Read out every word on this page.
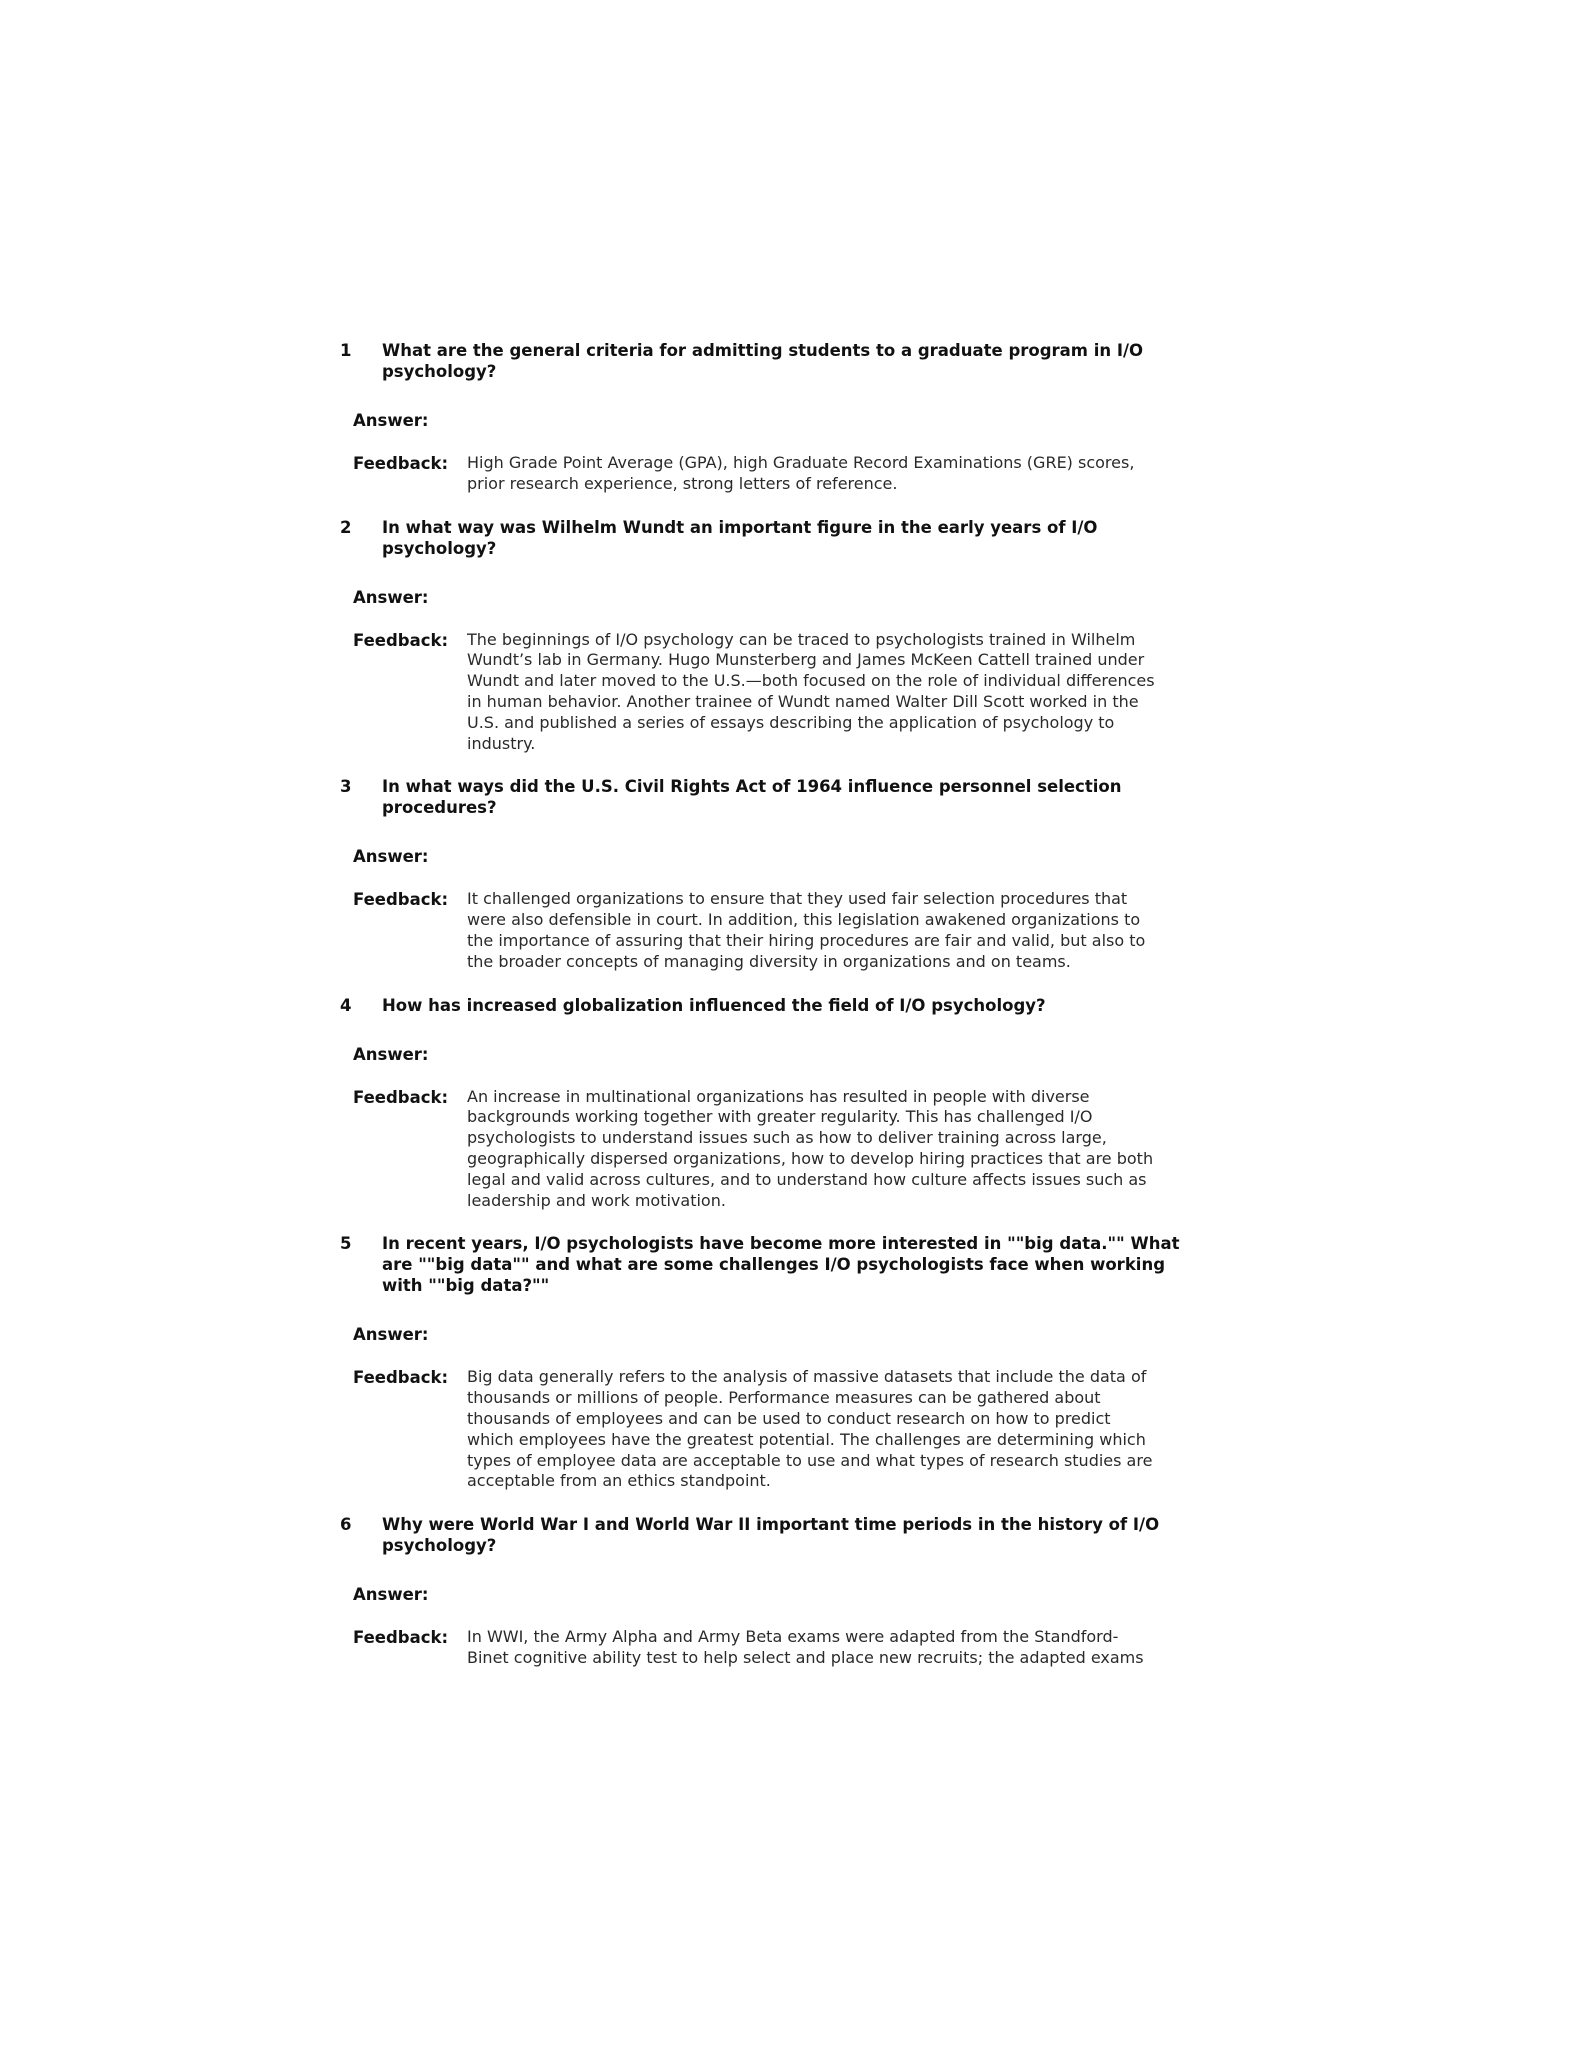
1	What are the general criteria for admitting students to a graduate program in I/O
psychology?
Answer:
Feedback:	High Grade Point Average (GPA), high Graduate Record Examinations (GRE) scores,
prior research experience, strong letters of reference.
2	In what way was Wilhelm Wundt an important figure in the early years of I/O
psychology?
Answer:
Feedback:	The beginnings of I/O psychology can be traced to psychologists trained in Wilhelm
Wundt’s lab in Germany. Hugo Munsterberg and James McKeen Cattell trained under
Wundt and later moved to the U.S.—both focused on the role of individual differences
in human behavior. Another trainee of Wundt named Walter Dill Scott worked in the
U.S. and published a series of essays describing the application of psychology to
industry.
3	In what ways did the U.S. Civil Rights Act of 1964 influence personnel selection
procedures?
Answer:
Feedback:	It challenged organizations to ensure that they used fair selection procedures that
were also defensible in court. In addition, this legislation awakened organizations to
the importance of assuring that their hiring procedures are fair and valid, but also to
the broader concepts of managing diversity in organizations and on teams.
4	How has increased globalization influenced the field of I/O psychology?
Answer:
Feedback:	An increase in multinational organizations has resulted in people with diverse
backgrounds working together with greater regularity. This has challenged I/O
psychologists to understand issues such as how to deliver training across large,
geographically dispersed organizations, how to develop hiring practices that are both
legal and valid across cultures, and to understand how culture affects issues such as
leadership and work motivation.
5	In recent years, I/O psychologists have become more interested in ""big data."" What
are ""big data"" and what are some challenges I/O psychologists face when working
with ""big data?""
Answer:
Feedback:	Big data generally refers to the analysis of massive datasets that include the data of
thousands or millions of people. Performance measures can be gathered about
thousands of employees and can be used to conduct research on how to predict
which employees have the greatest potential. The challenges are determining which
types of employee data are acceptable to use and what types of research studies are
acceptable from an ethics standpoint.
6	Why were World War I and World War II important time periods in the history of I/O
psychology?
Answer:
Feedback:	In WWI, the Army Alpha and Army Beta exams were adapted from the Standford-
Binet cognitive ability test to help select and place new recruits; the adapted exams
